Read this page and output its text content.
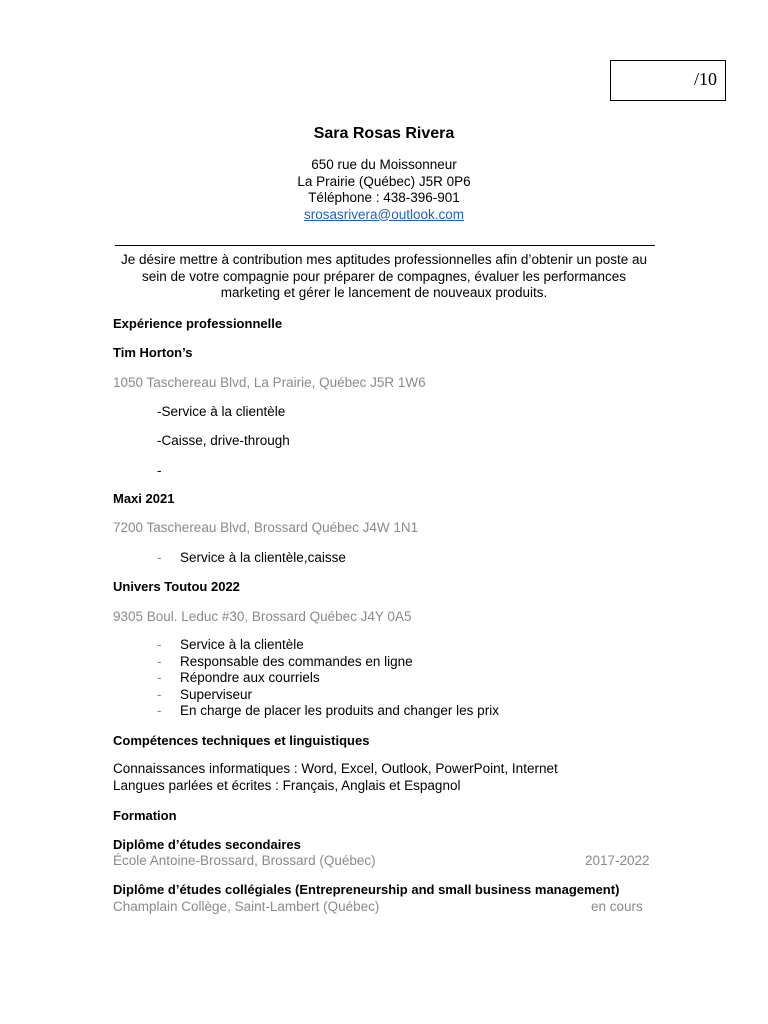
/10
Sara Rosas Rivera
650 rue du Moissonneur
La Prairie (Québec) J5R 0P6
Téléphone : 438-396-901
srosasrivera@outlook.com
Je désire mettre à contribution mes aptitudes professionnelles afin d’obtenir un poste au sein de votre compagnie pour préparer de compagnes, évaluer les performances marketing et gérer le lancement de nouveaux produits.
Expérience professionnelle
Tim Horton’s
1050 Taschereau Blvd, La Prairie, Québec J5R 1W6
-Service à la clientèle
-Caisse, drive-through
-
Maxi 2021
7200 Taschereau Blvd, Brossard Québec J4W 1N1
-	Service à la clientèle,caisse
Univers Toutou 2022
9305 Boul. Leduc #30, Brossard Québec J4Y 0A5
-	Service à la clientèle
-	Responsable des commandes en ligne
-	Répondre aux courriels
-	Superviseur
-	En charge de placer les produits and changer les prix
Compétences techniques et linguistiques
Connaissances informatiques : Word, Excel, Outlook, PowerPoint, Internet
Langues parlées et écrites : Français, Anglais et Espagnol
Formation
Diplôme d’études secondaires
École Antoine-Brossard, Brossard (Québec)	2017-2022
Diplôme d’études collégiales (Entrepreneurship and small business management)
Champlain Collège, Saint-Lambert (Québec)	en cours
